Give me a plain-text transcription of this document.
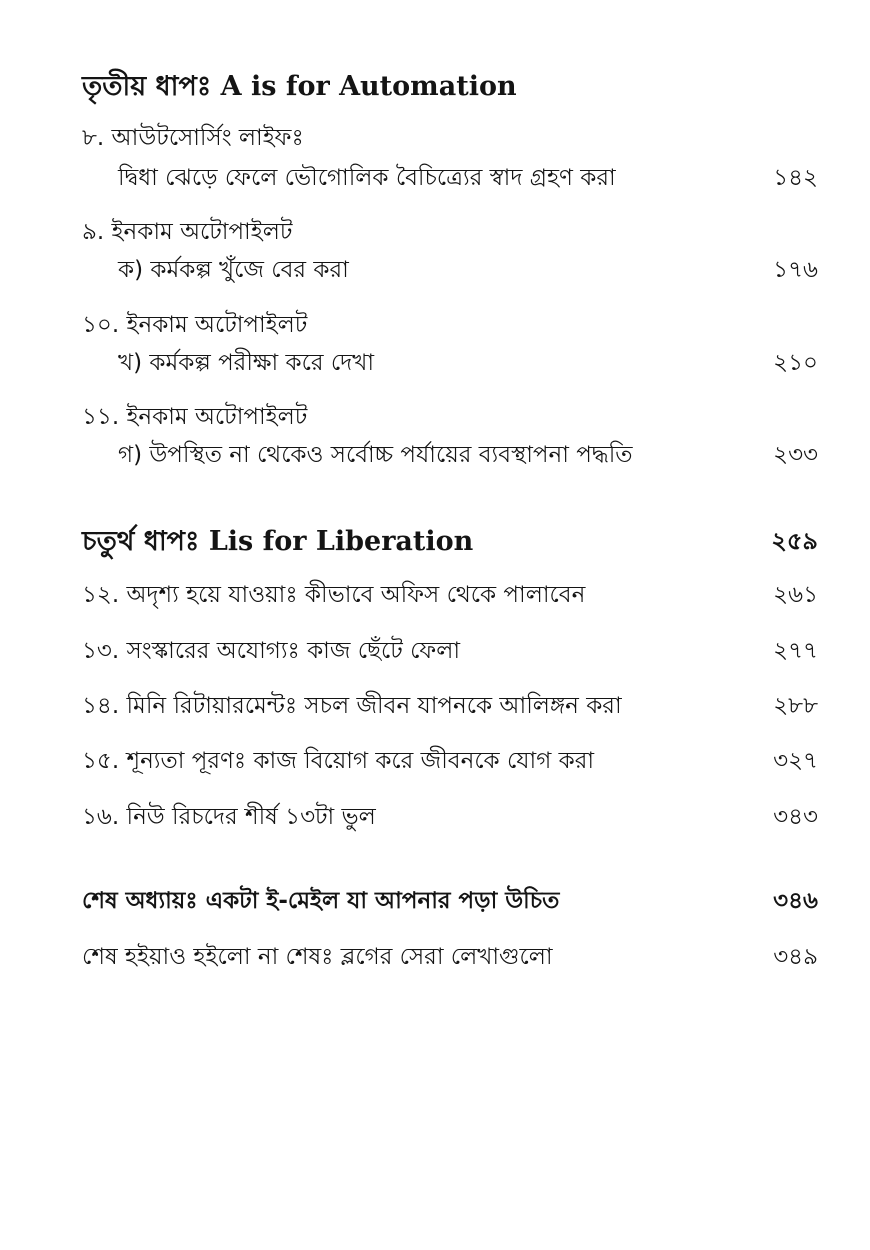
তৃতীয় ধাপঃ A is for Automation
৮. আউটসোর্সিং লাইফঃ
দ্বিধা ঝেড়ে ফেলে ভৌগোলিক বৈচিত্র্যের স্বাদ গ্রহণ করা	১৪২
৯. ইনকাম অটোপাইলট
ক) কর্মকল্প খুঁজে বের করা	১৭৬
১০. ইনকাম অটোপাইলট
খ) কর্মকল্প পরীক্ষা করে দেখা	২১০
১১. ইনকাম অটোপাইলট
গ) উপস্থিত না থেকেও সর্বোচ্চ পর্যায়ের ব্যবস্থাপনা পদ্ধতি	২৩৩
চতুর্থ ধাপঃ Lis for Liberation	২৫৯
১২. অদৃশ্য হয়ে যাওয়াঃ কীভাবে অফিস থেকে পালাবেন	২৬১
১৩. সংস্কারের অযোগ্যঃ কাজ ছেঁটে ফেলা	২৭৭
১৪. মিনি রিটায়ারমেন্টঃ সচল জীবন যাপনকে আলিঙ্গন করা	২৮৮
১৫. শূন্যতা পূরণঃ কাজ বিয়োগ করে জীবনকে যোগ করা	৩২৭
১৬. নিউ রিচদের শীর্ষ ১৩টা ভুল	৩৪৩
শেষ অধ্যায়ঃ একটা ই-মেইল যা আপনার পড়া উচিত	৩৪৬
শেষ হইয়াও হইলো না শেষঃ ব্লগের সেরা লেখাগুলো	৩৪৯
